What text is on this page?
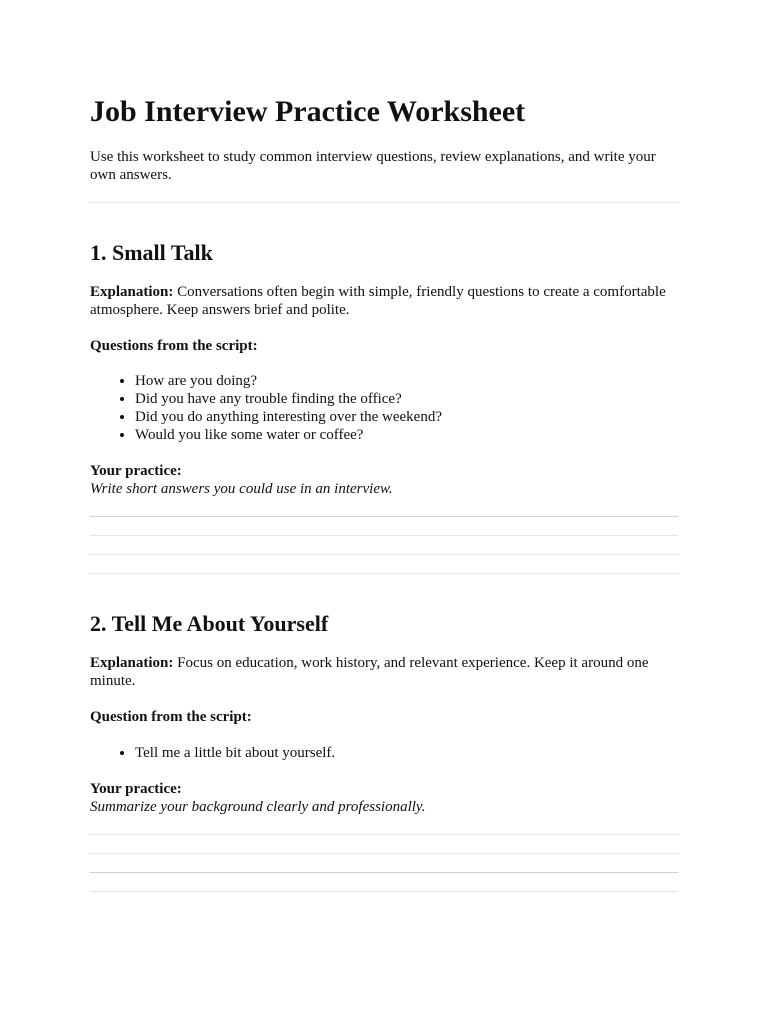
Job Interview Practice Worksheet

Use this worksheet to study common interview questions, review explanations, and write your own answers.

1. Small Talk

Explanation: Conversations often begin with simple, friendly questions to create a comfortable atmosphere. Keep answers brief and polite.

Questions from the script:

• How are you doing?
• Did you have any trouble finding the office?
• Did you do anything interesting over the weekend?
• Would you like some water or coffee?

Your practice:

Write short answers you could use in an interview.

2. Tell Me About Yourself

Explanation: Focus on education, work history, and relevant experience. Keep it around one minute.

Question from the script:

• Tell me a little bit about yourself.

Your practice:

Summarize your background clearly and professionally.
